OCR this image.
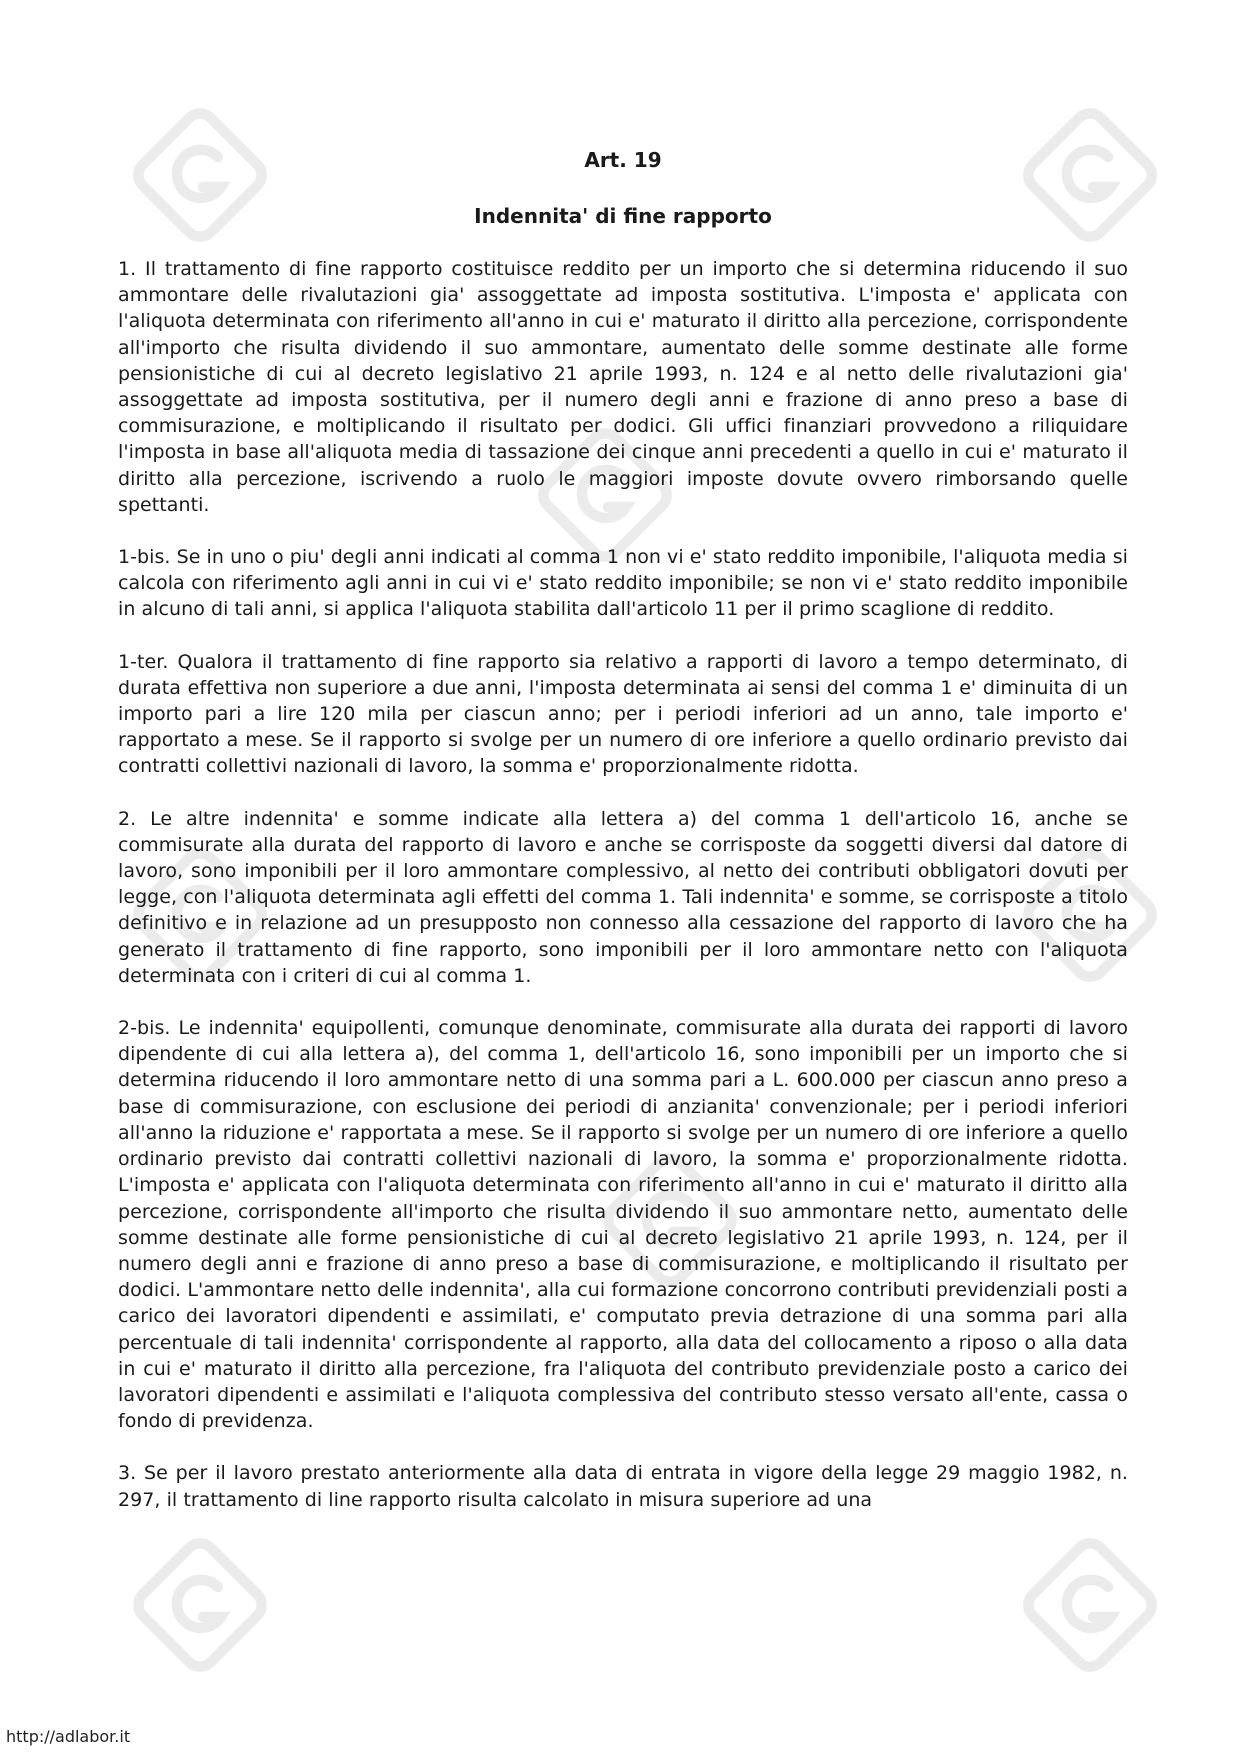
Art. 19
Indennita' di fine rapporto

1. Il trattamento di fine rapporto costituisce reddito per un importo che si determina riducendo il suo ammontare delle rivalutazioni gia' assoggettate ad imposta sostitutiva. L'imposta e' applicata con l'aliquota determinata con riferimento all'anno in cui e' maturato il diritto alla percezione, corrispondente all'importo che risulta dividendo il suo ammontare, aumentato delle somme destinate alle forme pensionistiche di cui al decreto legislativo 21 aprile 1993, n. 124 e al netto delle rivalutazioni gia' assoggettate ad imposta sostitutiva, per il numero degli anni e frazione di anno preso a base di commisurazione, e moltiplicando il risultato per dodici. Gli uffici finanziari provvedono a riliquidare l'imposta in base all'aliquota media di tassazione dei cinque anni precedenti a quello in cui e' maturato il diritto alla percezione, iscrivendo a ruolo le maggiori imposte dovute ovvero rimborsando quelle spettanti.

1-bis. Se in uno o piu' degli anni indicati al comma 1 non vi e' stato reddito imponibile, l'aliquota media si calcola con riferimento agli anni in cui vi e' stato reddito imponibile; se non vi e' stato reddito imponibile in alcuno di tali anni, si applica l'aliquota stabilita dall'articolo 11 per il primo scaglione di reddito.

1-ter. Qualora il trattamento di fine rapporto sia relativo a rapporti di lavoro a tempo determinato, di durata effettiva non superiore a due anni, l'imposta determinata ai sensi del comma 1 e' diminuita di un importo pari a lire 120 mila per ciascun anno; per i periodi inferiori ad un anno, tale importo e' rapportato a mese. Se il rapporto si svolge per un numero di ore inferiore a quello ordinario previsto dai contratti collettivi nazionali di lavoro, la somma e' proporzionalmente ridotta.

2. Le altre indennita' e somme indicate alla lettera a) del comma 1 dell'articolo 16, anche se commisurate alla durata del rapporto di lavoro e anche se corrisposte da soggetti diversi dal datore di lavoro, sono imponibili per il loro ammontare complessivo, al netto dei contributi obbligatori dovuti per legge, con l'aliquota determinata agli effetti del comma 1. Tali indennita' e somme, se corrisposte a titolo definitivo e in relazione ad un presupposto non connesso alla cessazione del rapporto di lavoro che ha generato il trattamento di fine rapporto, sono imponibili per il loro ammontare netto con l'aliquota determinata con i criteri di cui al comma 1.

2-bis. Le indennita' equipollenti, comunque denominate, commisurate alla durata dei rapporti di lavoro dipendente di cui alla lettera a), del comma 1, dell'articolo 16, sono imponibili per un importo che si determina riducendo il loro ammontare netto di una somma pari a L. 600.000 per ciascun anno preso a base di commisurazione, con esclusione dei periodi di anzianita' convenzionale; per i periodi inferiori all'anno la riduzione e' rapportata a mese. Se il rapporto si svolge per un numero di ore inferiore a quello ordinario previsto dai contratti collettivi nazionali di lavoro, la somma e' proporzionalmente ridotta. L'imposta e' applicata con l'aliquota determinata con riferimento all'anno in cui e' maturato il diritto alla percezione, corrispondente all'importo che risulta dividendo il suo ammontare netto, aumentato delle somme destinate alle forme pensionistiche di cui al decreto legislativo 21 aprile 1993, n. 124, per il numero degli anni e frazione di anno preso a base di commisurazione, e moltiplicando il risultato per dodici. L'ammontare netto delle indennita', alla cui formazione concorrono contributi previdenziali posti a carico dei lavoratori dipendenti e assimilati, e' computato previa detrazione di una somma pari alla percentuale di tali indennita' corrispondente al rapporto, alla data del collocamento a riposo o alla data in cui e' maturato il diritto alla percezione, fra l'aliquota del contributo previdenziale posto a carico dei lavoratori dipendenti e assimilati e l'aliquota complessiva del contributo stesso versato all'ente, cassa o fondo di previdenza.

3. Se per il lavoro prestato anteriormente alla data di entrata in vigore della legge 29 maggio 1982, n. 297, il trattamento di line rapporto risulta calcolato in misura superiore ad una

http://adlabor.it
